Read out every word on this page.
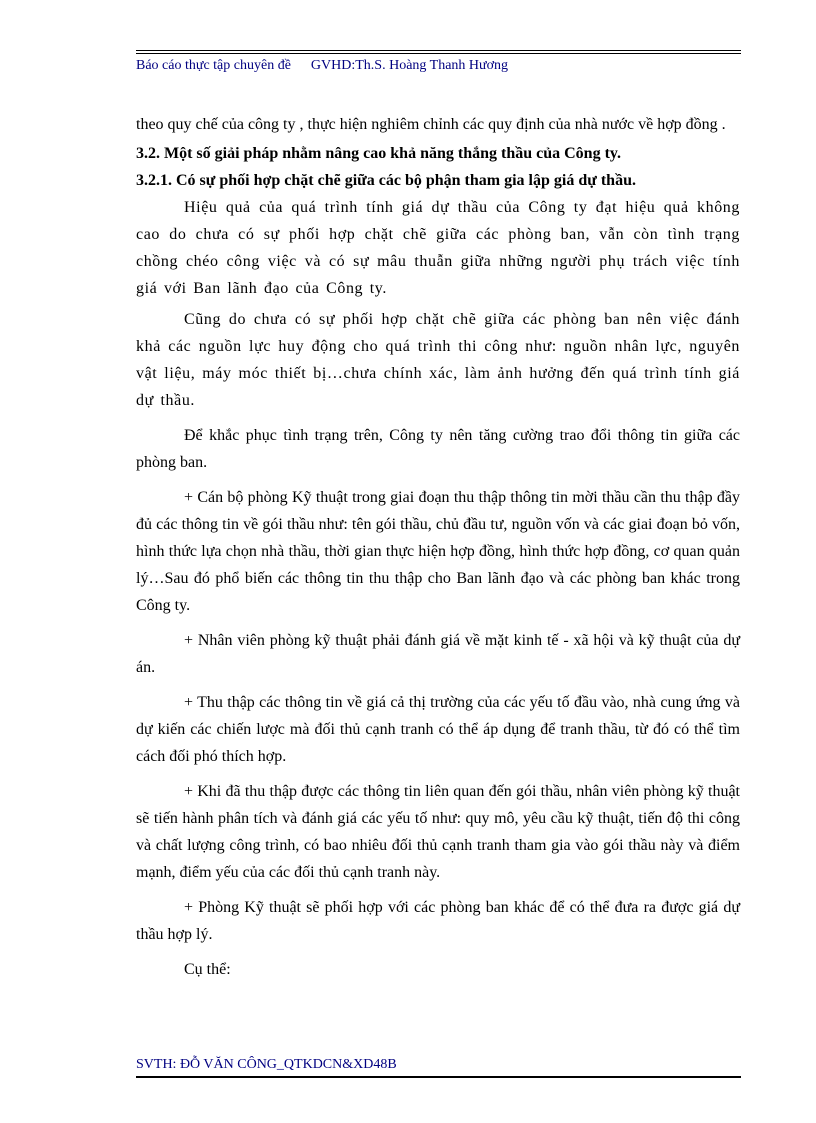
Báo cáo thực tập chuyên đề GVHD:Th.S. Hoàng Thanh Hương

theo quy chế của công ty , thực hiện nghiêm chỉnh các quy định của nhà nước về hợp đồng .

3.2. Một số giải pháp nhằm nâng cao khả năng thắng thầu của Công ty.

3.2.1. Có sự phối hợp chặt chẽ giữa các bộ phận tham gia lập giá dự thầu.

Hiệu quả của quá trình tính giá dự thầu của Công ty đạt hiệu quả không cao do chưa có sự phối hợp chặt chẽ giữa các phòng ban, vẫn còn tình trạng chồng chéo công việc và có sự mâu thuẫn giữa những người phụ trách việc tính giá với Ban lãnh đạo của Công ty.

Cũng do chưa có sự phối hợp chặt chẽ giữa các phòng ban nên việc đánh khả các nguồn lực huy động cho quá trình thi công như: nguồn nhân lực, nguyên vật liệu, máy móc thiết bị…chưa chính xác, làm ảnh hưởng đến quá trình tính giá dự thầu.

Để khắc phục tình trạng trên, Công ty nên tăng cường trao đổi thông tin giữa các phòng ban.

+ Cán bộ phòng Kỹ thuật trong giai đoạn thu thập thông tin mời thầu cần thu thập đầy đủ các thông tin về gói thầu như: tên gói thầu, chủ đầu tư, nguồn vốn và các giai đoạn bỏ vốn, hình thức lựa chọn nhà thầu, thời gian thực hiện hợp đồng, hình thức hợp đồng, cơ quan quản lý…Sau đó phổ biến các thông tin thu thập cho Ban lãnh đạo và các phòng ban khác trong Công ty.

+ Nhân viên phòng kỹ thuật phải đánh giá về mặt kinh tế - xã hội và kỹ thuật của dự án.

+ Thu thập các thông tin về giá cả thị trường của các yếu tố đầu vào, nhà cung ứng và dự kiến các chiến lược mà đối thủ cạnh tranh có thể áp dụng để tranh thầu, từ đó có thể tìm cách đối phó thích hợp.

+ Khi đã thu thập được các thông tin liên quan đến gói thầu, nhân viên phòng kỹ thuật sẽ tiến hành phân tích và đánh giá các yếu tố như: quy mô, yêu cầu kỹ thuật, tiến độ thi công và chất lượng công trình, có bao nhiêu đối thủ cạnh tranh tham gia vào gói thầu này và điểm mạnh, điểm yếu của các đối thủ cạnh tranh này.

+ Phòng Kỹ thuật sẽ phối hợp với các phòng ban khác để có thể đưa ra được giá dự thầu hợp lý.

Cụ thể:

SVTH: ĐỖ VĂN CÔNG_QTKDCN&XD48B
